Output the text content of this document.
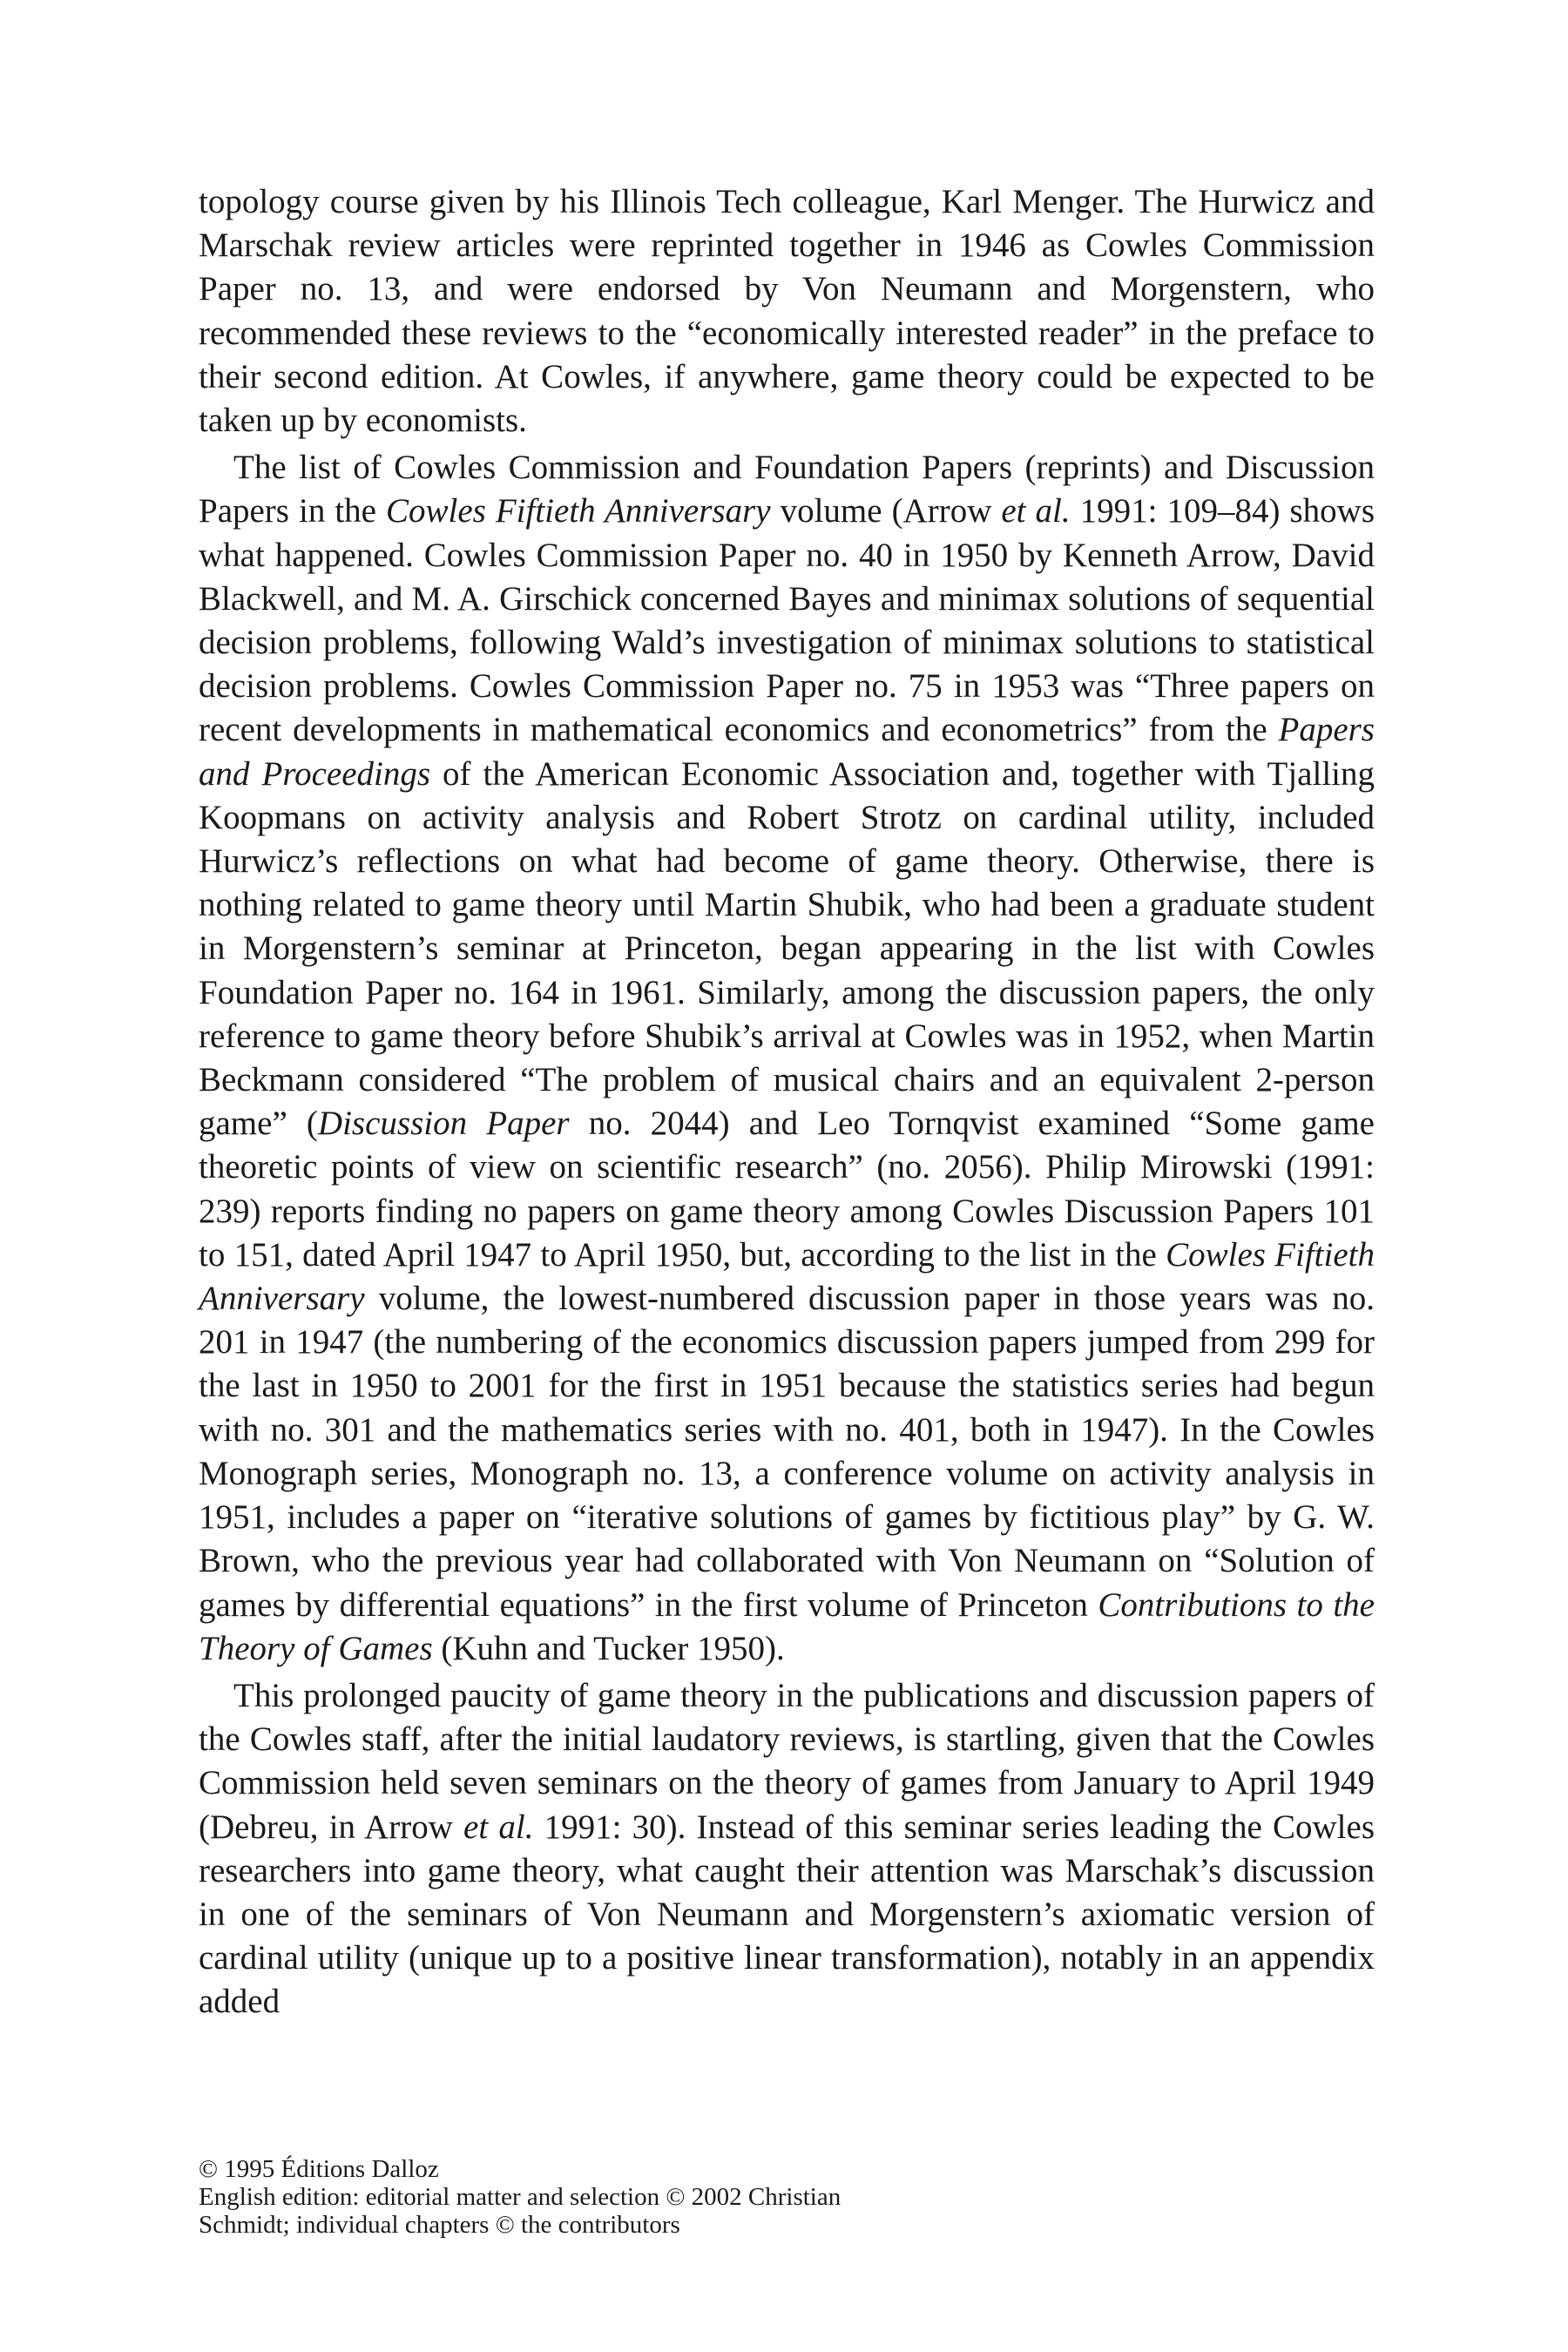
topology course given by his Illinois Tech colleague, Karl Menger. The Hurwicz and Marschak review articles were reprinted together in 1946 as Cowles Commission Paper no. 13, and were endorsed by Von Neumann and Morgenstern, who recommended these reviews to the “economically interested reader” in the preface to their second edition. At Cowles, if anywhere, game theory could be expected to be taken up by economists.

The list of Cowles Commission and Foundation Papers (reprints) and Discussion Papers in the Cowles Fiftieth Anniversary volume (Arrow et al. 1991: 109–84) shows what happened. Cowles Commission Paper no. 40 in 1950 by Kenneth Arrow, David Blackwell, and M. A. Girschick concerned Bayes and minimax solutions of sequential decision problems, following Wald’s investigation of minimax solutions to statistical decision problems. Cowles Commission Paper no. 75 in 1953 was “Three papers on recent developments in mathematical economics and econometrics” from the Papers and Proceedings of the American Economic Association and, together with Tjalling Koopmans on activity analysis and Robert Strotz on cardinal utility, included Hurwicz’s reflections on what had become of game theory. Otherwise, there is nothing related to game theory until Martin Shubik, who had been a graduate student in Morgenstern’s seminar at Princeton, began appearing in the list with Cowles Foundation Paper no. 164 in 1961. Similarly, among the discussion papers, the only reference to game theory before Shubik’s arrival at Cowles was in 1952, when Martin Beckmann considered “The problem of musical chairs and an equivalent 2-person game” (Discussion Paper no. 2044) and Leo Tornqvist examined “Some game theoretic points of view on scientific research” (no. 2056). Philip Mirowski (1991: 239) reports finding no papers on game theory among Cowles Discussion Papers 101 to 151, dated April 1947 to April 1950, but, according to the list in the Cowles Fiftieth Anniversary volume, the lowest-numbered discussion paper in those years was no. 201 in 1947 (the numbering of the economics discussion papers jumped from 299 for the last in 1950 to 2001 for the first in 1951 because the statistics series had begun with no. 301 and the mathematics series with no. 401, both in 1947). In the Cowles Monograph series, Monograph no. 13, a conference volume on activity analysis in 1951, includes a paper on “iterative solutions of games by fictitious play” by G. W. Brown, who the previous year had collaborated with Von Neumann on “Solution of games by differential equations” in the first volume of Princeton Contributions to the Theory of Games (Kuhn and Tucker 1950).

This prolonged paucity of game theory in the publications and discussion papers of the Cowles staff, after the initial laudatory reviews, is startling, given that the Cowles Commission held seven seminars on the theory of games from January to April 1949 (Debreu, in Arrow et al. 1991: 30). Instead of this seminar series leading the Cowles researchers into game theory, what caught their attention was Marschak’s discussion in one of the seminars of Von Neumann and Morgenstern’s axiomatic version of cardinal utility (unique up to a positive linear transformation), notably in an appendix added

© 1995 Éditions Dalloz
English edition: editorial matter and selection © 2002 Christian
Schmidt; individual chapters © the contributors
